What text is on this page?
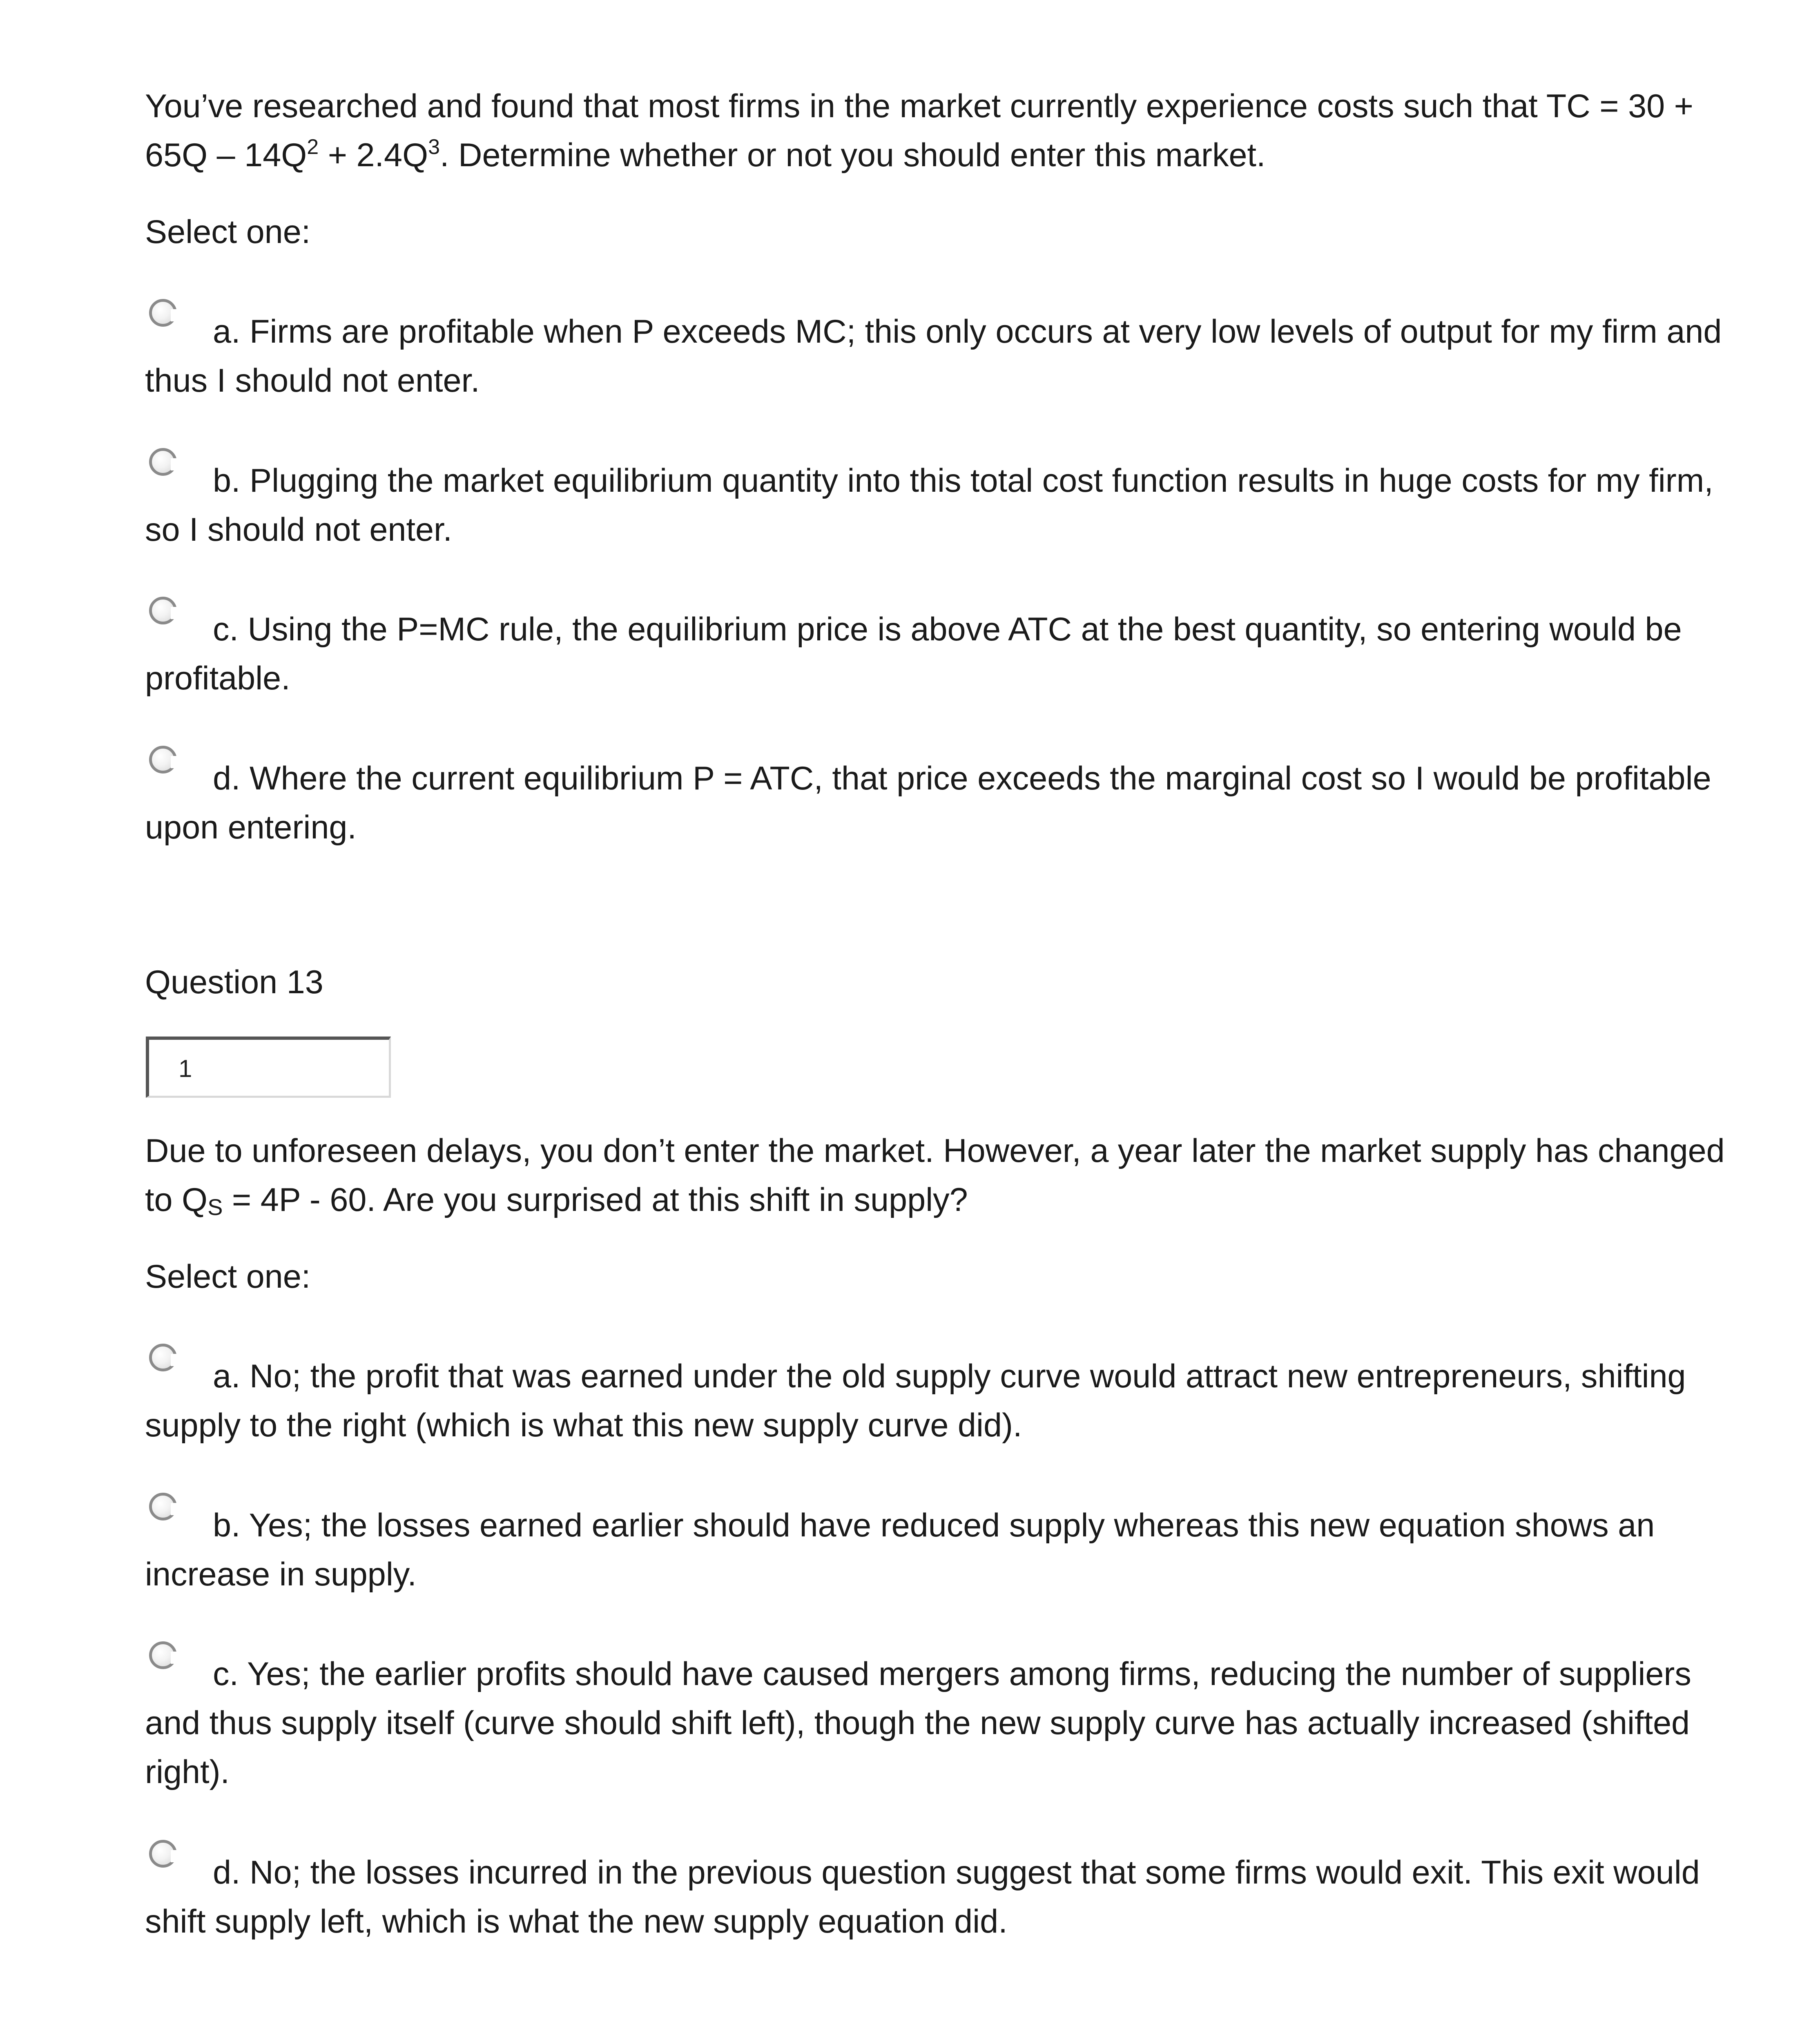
You’ve researched and found that most firms in the market currently experience costs such that TC = $30 + 65Q - 14Q^2 + 2.4Q^3$. Determine whether or not you should enter this market.

Select one:

a. Firms are profitable when P exceeds MC; this only occurs at very low levels of output for my firm and thus I should not enter.

b. Plugging the market equilibrium quantity into this total cost function results in huge costs for my firm, so I should not enter.

c. Using the P=MC rule, the equilibrium price is above ATC at the best quantity, so entering would be profitable.

d. Where the current equilibrium P = ATC, that price exceeds the marginal cost so I would be profitable upon entering.

Question 13

1

Due to unforeseen delays, you don’t enter the market. However, a year later the market supply has changed to QS = 4P - 60. Are you surprised at this shift in supply?

Select one:

a. No; the profit that was earned under the old supply curve would attract new entrepreneurs, shifting supply to the right (which is what this new supply curve did).

b. Yes; the losses earned earlier should have reduced supply whereas this new equation shows an increase in supply.

c. Yes; the earlier profits should have caused mergers among firms, reducing the number of suppliers and thus supply itself (curve should shift left), though the new supply curve has actually increased (shifted right).

d. No; the losses incurred in the previous question suggest that some firms would exit. This exit would shift supply left, which is what the new supply equation did.
